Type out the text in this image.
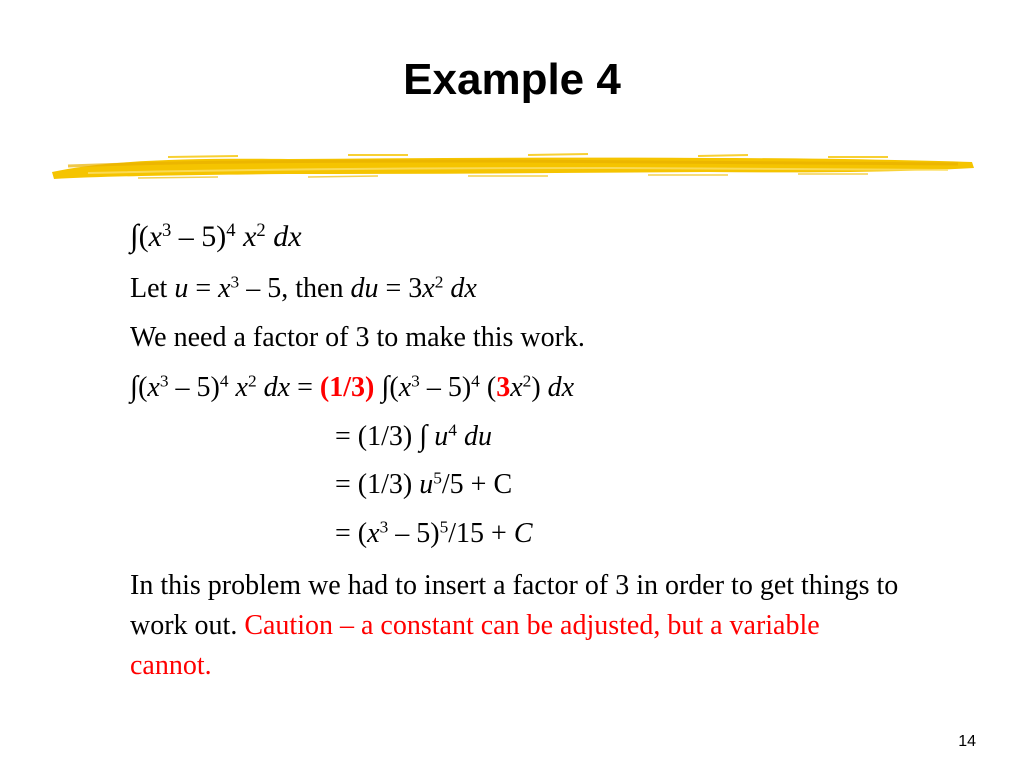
Example 4
$\int(x^3 - 5)^4$ $x^2$ dx
Let $u = x^3 - 5$, then du = $3x^2$ dx
We need a factor of 3 to make this work.
$\int(x^3 - 5)^4$ $x^2$ dx = (1/3) $\int(x^3 - 5)^4$ $(3x^2)$ dx
= (1/3) ∫ $u^4$ du
= (1/3) $u^5/5 + C$
= $(x^3 - 5)^5/15 + C$
In this problem we had to insert a factor of 3 in order to get things to work out. Caution – a constant can be adjusted, but a variable cannot.
14
